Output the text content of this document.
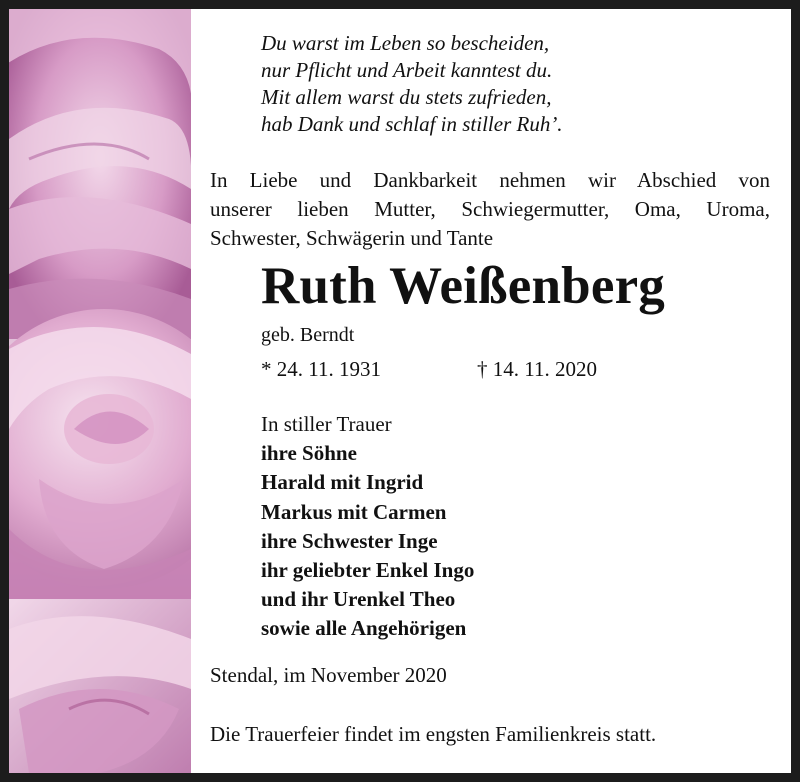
Du warst im Leben so bescheiden,
nur Pflicht und Arbeit kanntest du.
Mit allem warst du stets zufrieden,
hab Dank und schlaf in stiller Ruh’.
In Liebe und Dankbarkeit nehmen wir Abschied von
unserer lieben Mutter, Schwiegermutter, Oma, Uroma,
Schwester, Schwägerin und Tante
Ruth Weißenberg
geb. Berndt
* 24. 11. 1931	† 14. 11. 2020
In stiller Trauer
ihre Söhne
Harald mit Ingrid
Markus mit Carmen
ihre Schwester Inge
ihr geliebter Enkel Ingo
und ihr Urenkel Theo
sowie alle Angehörigen
Stendal, im November 2020
Die Trauerfeier findet im engsten Familienkreis statt.
